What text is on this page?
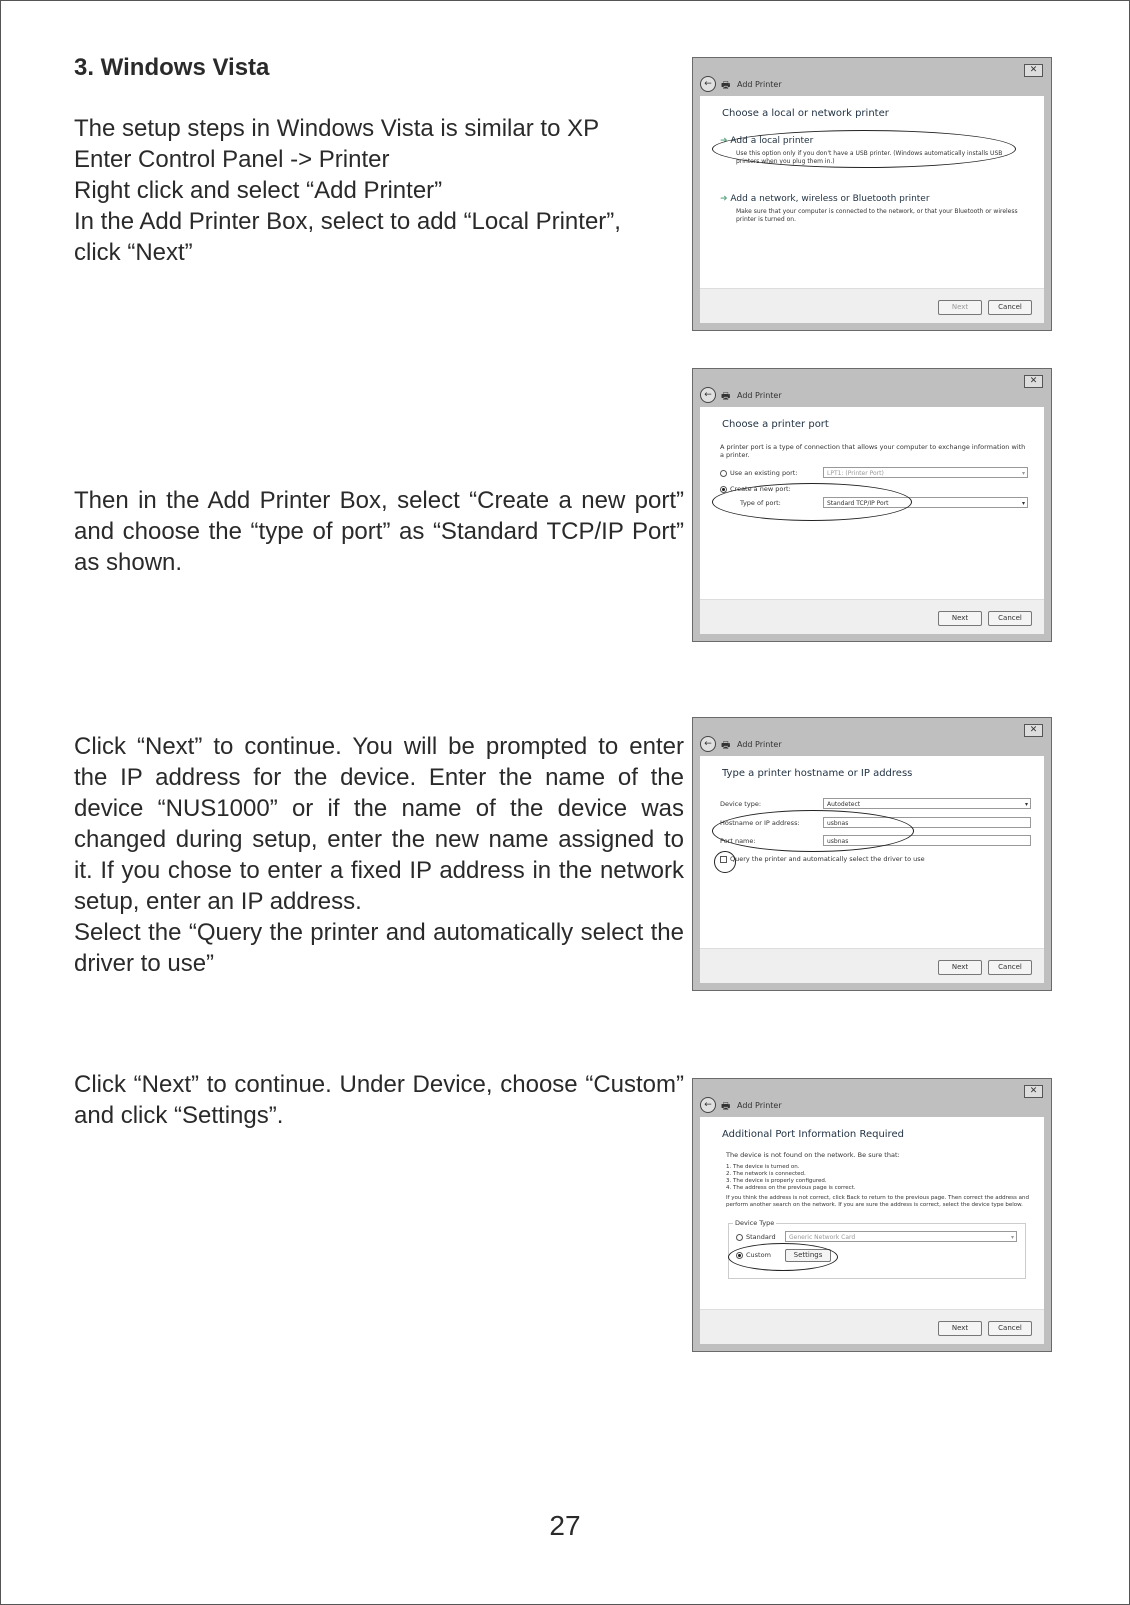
3. Windows Vista

The setup steps in Windows Vista is similar to XP
Enter Control Panel -> Printer
Right click and select “Add Printer”
In the Add Printer Box, select to add “Local Printer”,
click “Next”

Then in the Add Printer Box, select “Create a new port” and choose the “type of port” as “Standard TCP/IP Port” as shown.

Click “Next” to continue. You will be prompted to enter the IP address for the device. Enter the name of the device “NUS1000” or if the name of the device was changed during setup, enter the new name assigned to it. If you chose to enter a fixed IP address in the network setup, enter an IP address.

Select the “Query the printer and automatically select the driver to use”

Click “Next” to continue. Under Device, choose “Custom” and click “Settings”.

✕
← 🖶 Add Printer
Choose a local or network printer
➜ Add a local printer
Use this option only if you don't have a USB printer. (Windows automatically installs USB printers when you plug them in.)
➜ Add a network, wireless or Bluetooth printer
Make sure that your computer is connected to the network, or that your Bluetooth or wireless printer is turned on.
Next	Cancel
✕
← 🖶 Add Printer
Choose a printer port
A printer port is a type of connection that allows your computer to exchange information with a printer.
Use an existing port:	LPT1: (Printer Port)	▾
Create a new port:
Type of port:	Standard TCP/IP Port	▾
Next	Cancel
✕
← 🖶 Add Printer
Type a printer hostname or IP address
Device type:	Autodetect	▾
Hostname or IP address:	usbnas
Port name:	usbnas
Query the printer and automatically select the driver to use
Next	Cancel
✕
← 🖶 Add Printer
Additional Port Information Required
The device is not found on the network. Be sure that:
1. The device is turned on.
2. The network is connected.
3. The device is properly configured.
4. The address on the previous page is correct.
If you think the address is not correct, click Back to return to the previous page. Then correct the address and perform another search on the network. If you are sure the address is correct, select the device type below.
Device Type
Standard	Generic Network Card	▾
Custom	Settings
Next	Cancel
27
